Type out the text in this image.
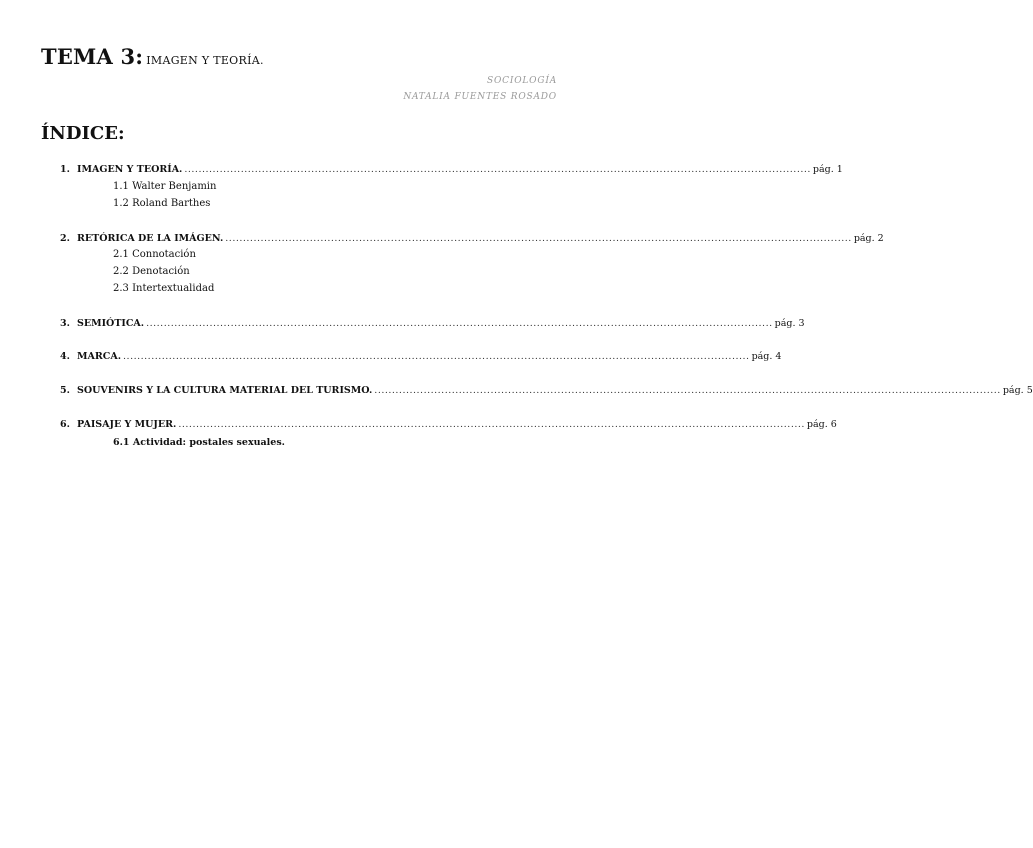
TEMA 3: IMAGEN Y TEORÍA.
SOCIOLOGÍA
NATALIA FUENTES ROSADO
ÍNDICE:
1. IMAGEN Y TEORÍA. .................................................................................................................................................................................. pág. 1
1.1 Walter Benjamin
1.2 Roland Barthes
2. RETÓRICA DE LA IMÁGEN. .................................................................................................................................................................................. pág. 2
2.1 Connotación
2.2 Denotación
2.3 Intertextualidad
3. SEMIÓTICA. .................................................................................................................................................................................. pág. 3
4. MARCA. .................................................................................................................................................................................. pág. 4
5. SOUVENIRS Y LA CULTURA MATERIAL DEL TURISMO. .................................................................................................................................................................................. pág. 5
6. PAISAJE Y MUJER. .................................................................................................................................................................................. pág. 6
6.1 Actividad: postales sexuales.
